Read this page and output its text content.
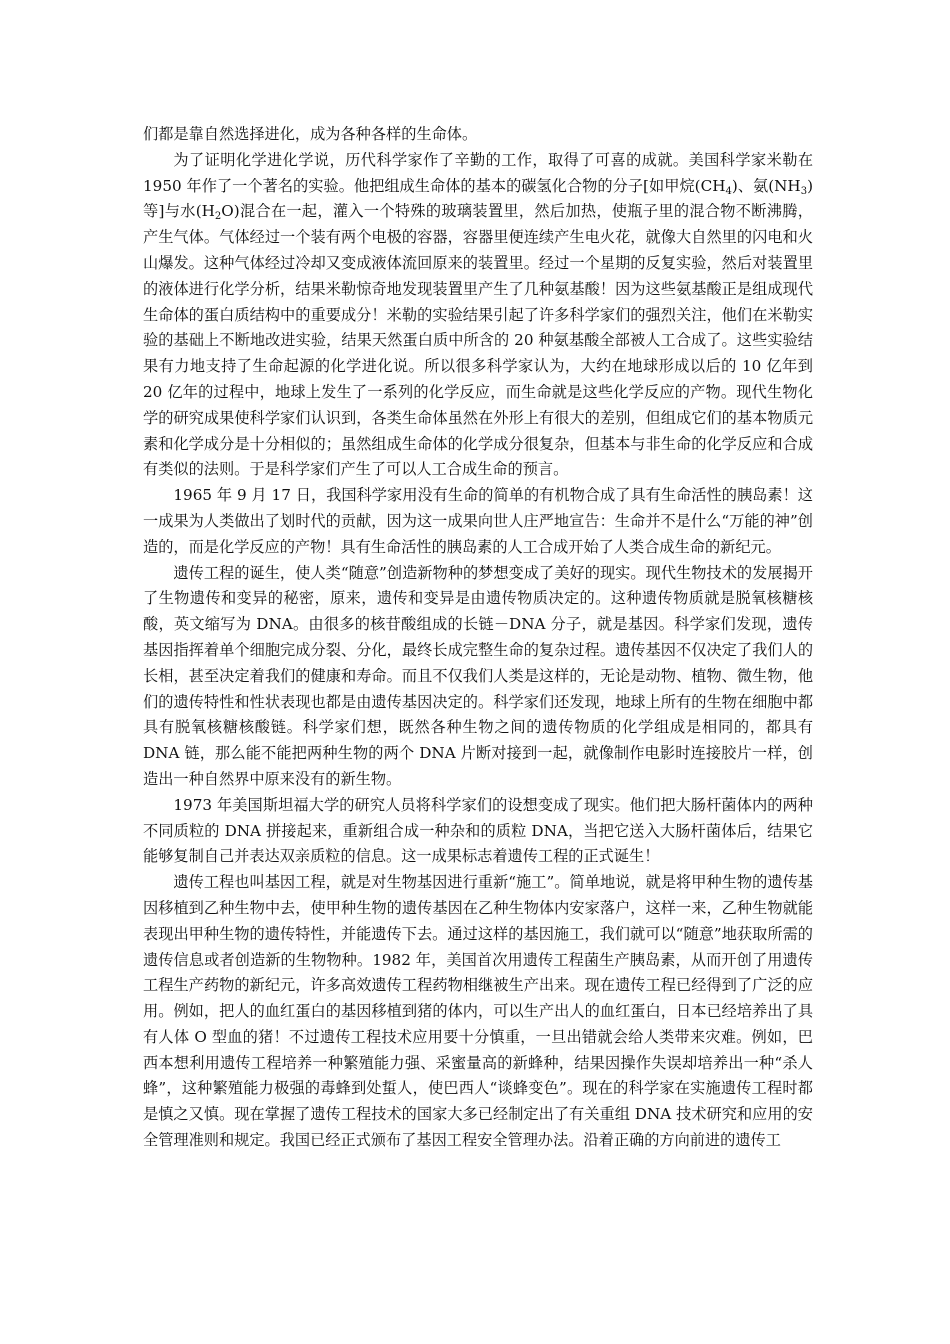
们都是靠自然选择进化，成为各种各样的生命体。

为了证明化学进化学说，历代科学家作了辛勤的工作，取得了可喜的成就。美国科学家米勒在 1950 年作了一个著名的实验。他把组成生命体的基本的碳氢化合物的分子[如甲烷$(CH_4)$、氨$(NH_3)$等]与水$(H_2O)$混合在一起，灌入一个特殊的玻璃装置里，然后加热，使瓶子里的混合物不断沸腾，产生气体。气体经过一个装有两个电极的容器，容器里便连续产生电火花，就像大自然里的闪电和火山爆发。这种气体经过冷却又变成液体流回原来的装置里。经过一个星期的反复实验，然后对装置里的液体进行化学分析，结果米勒惊奇地发现装置里产生了几种氨基酸！因为这些氨基酸正是组成现代生命体的蛋白质结构中的重要成分！米勒的实验结果引起了许多科学家们的强烈关注，他们在米勒实验的基础上不断地改进实验，结果天然蛋白质中所含的 20 种氨基酸全部被人工合成了。这些实验结果有力地支持了生命起源的化学进化说。所以很多科学家认为，大约在地球形成以后的 10 亿年到 20 亿年的过程中，地球上发生了一系列的化学反应，而生命就是这些化学反应的产物。现代生物化学的研究成果使科学家们认识到，各类生命体虽然在外形上有很大的差别，但组成它们的基本物质元素和化学成分是十分相似的；虽然组成生命体的化学成分很复杂，但基本与非生命的化学反应和合成有类似的法则。于是科学家们产生了可以人工合成生命的预言。

1965 年 9 月 17 日，我国科学家用没有生命的简单的有机物合成了具有生命活性的胰岛素！这一成果为人类做出了划时代的贡献，因为这一成果向世人庄严地宣告：生命并不是什么“万能的神”创造的，而是化学反应的产物！具有生命活性的胰岛素的人工合成开始了人类合成生命的新纪元。

遗传工程的诞生，使人类“随意”创造新物种的梦想变成了美好的现实。现代生物技术的发展揭开了生物遗传和变异的秘密，原来，遗传和变异是由遗传物质决定的。这种遗传物质就是脱氧核糖核酸，英文缩写为 DNA。由很多的核苷酸组成的长链－DNA 分子，就是基因。科学家们发现，遗传基因指挥着单个细胞完成分裂、分化，最终长成完整生命的复杂过程。遗传基因不仅决定了我们人的长相，甚至决定着我们的健康和寿命。而且不仅我们人类是这样的，无论是动物、植物、微生物，他们的遗传特性和性状表现也都是由遗传基因决定的。科学家们还发现，地球上所有的生物在细胞中都具有脱氧核糖核酸链。科学家们想，既然各种生物之间的遗传物质的化学组成是相同的，都具有 DNA 链，那么能不能把两种生物的两个 DNA 片断对接到一起，就像制作电影时连接胶片一样，创造出一种自然界中原来没有的新生物。

1973 年美国斯坦福大学的研究人员将科学家们的设想变成了现实。他们把大肠杆菌体内的两种不同质粒的 DNA 拼接起来，重新组合成一种杂和的质粒 DNA，当把它送入大肠杆菌体后，结果它能够复制自己并表达双亲质粒的信息。这一成果标志着遗传工程的正式诞生！

遗传工程也叫基因工程，就是对生物基因进行重新“施工”。简单地说，就是将甲种生物的遗传基因移植到乙种生物中去，使甲种生物的遗传基因在乙种生物体内安家落户，这样一来，乙种生物就能表现出甲种生物的遗传特性，并能遗传下去。通过这样的基因施工，我们就可以“随意”地获取所需的遗传信息或者创造新的生物物种。1982 年，美国首次用遗传工程菌生产胰岛素，从而开创了用遗传工程生产药物的新纪元，许多高效遗传工程药物相继被生产出来。现在遗传工程已经得到了广泛的应用。例如，把人的血红蛋白的基因移植到猪的体内，可以生产出人的血红蛋白，日本已经培养出了具有人体 O 型血的猪！不过遗传工程技术应用要十分慎重，一旦出错就会给人类带来灾难。例如，巴西本想利用遗传工程培养一种繁殖能力强、采蜜量高的新蜂种，结果因操作失误却培养出一种“杀人蜂”，这种繁殖能力极强的毒蜂到处蜇人，使巴西人“谈蜂变色”。现在的科学家在实施遗传工程时都是慎之又慎。现在掌握了遗传工程技术的国家大多已经制定出了有关重组 DNA 技术研究和应用的安全管理准则和规定。我国已经正式颁布了基因工程安全管理办法。沿着正确的方向前进的遗传工
